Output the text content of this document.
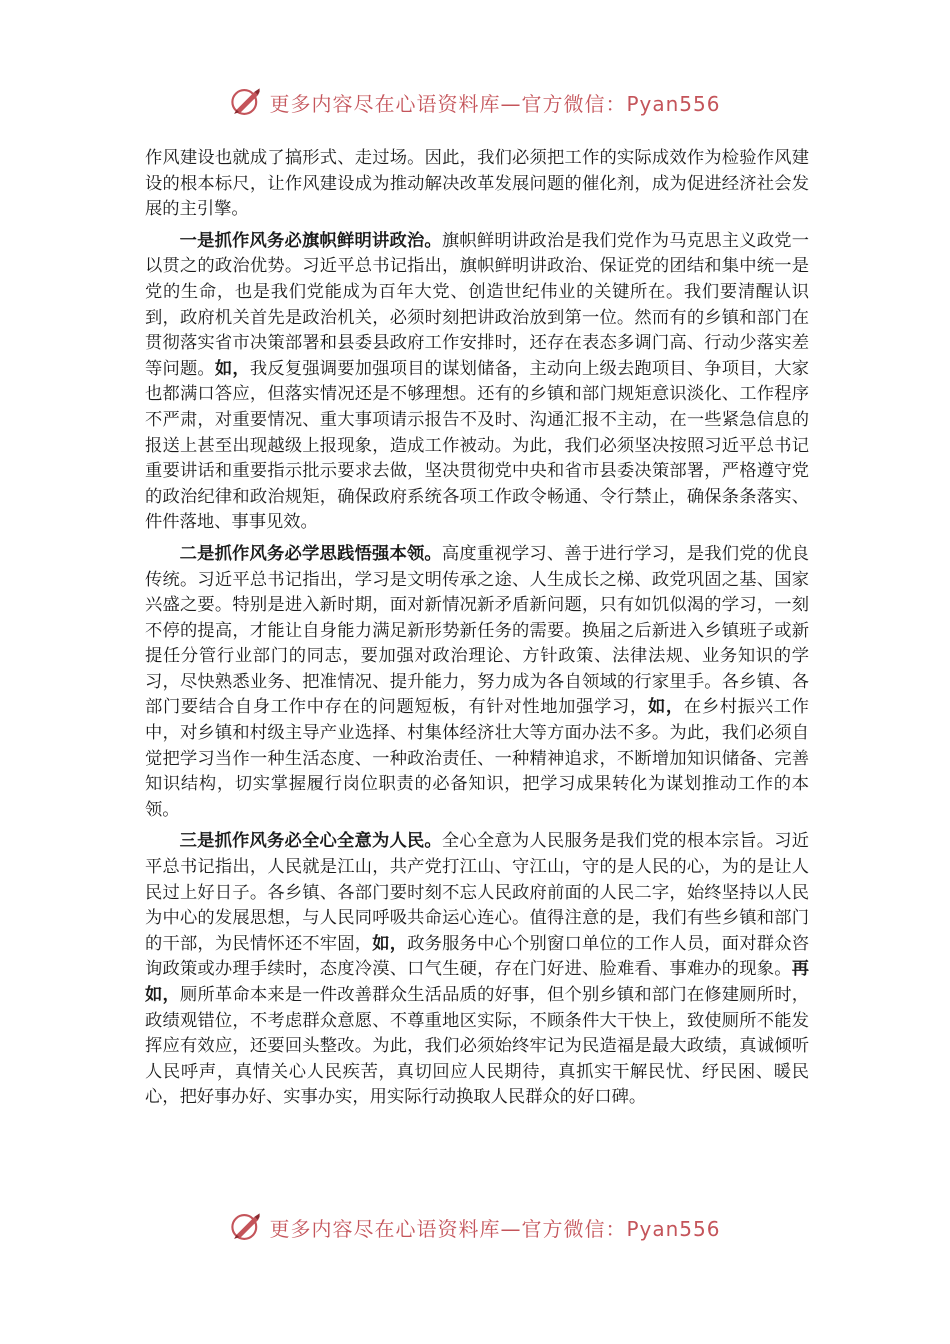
更多内容尽在心语资料库—官方微信：Pyan556

作风建设也就成了搞形式、走过场。因此，我们必须把工作的实际成效作为检验作风建设的根本标尺，让作风建设成为推动解决改革发展问题的催化剂，成为促进经济社会发展的主引擎。

一是抓作风务必旗帜鲜明讲政治。旗帜鲜明讲政治是我们党作为马克思主义政党一以贯之的政治优势。习近平总书记指出，旗帜鲜明讲政治、保证党的团结和集中统一是党的生命，也是我们党能成为百年大党、创造世纪伟业的关键所在。我们要清醒认识到，政府机关首先是政治机关，必须时刻把讲政治放到第一位。然而有的乡镇和部门在贯彻落实省市决策部署和县委县政府工作安排时，还存在表态多调门高、行动少落实差等问题。如，我反复强调要加强项目的谋划储备，主动向上级去跑项目、争项目，大家也都满口答应，但落实情况还是不够理想。还有的乡镇和部门规矩意识淡化、工作程序不严肃，对重要情况、重大事项请示报告不及时、沟通汇报不主动，在一些紧急信息的报送上甚至出现越级上报现象，造成工作被动。为此，我们必须坚决按照习近平总书记重要讲话和重要指示批示要求去做，坚决贯彻党中央和省市县委决策部署，严格遵守党的政治纪律和政治规矩，确保政府系统各项工作政令畅通、令行禁止，确保条条落实、件件落地、事事见效。

二是抓作风务必学思践悟强本领。高度重视学习、善于进行学习，是我们党的优良传统。习近平总书记指出，学习是文明传承之途、人生成长之梯、政党巩固之基、国家兴盛之要。特别是进入新时期，面对新情况新矛盾新问题，只有如饥似渴的学习，一刻不停的提高，才能让自身能力满足新形势新任务的需要。换届之后新进入乡镇班子或新提任分管行业部门的同志，要加强对政治理论、方针政策、法律法规、业务知识的学习，尽快熟悉业务、把准情况、提升能力，努力成为各自领域的行家里手。各乡镇、各部门要结合自身工作中存在的问题短板，有针对性地加强学习，如，在乡村振兴工作中，对乡镇和村级主导产业选择、村集体经济壮大等方面办法不多。为此，我们必须自觉把学习当作一种生活态度、一种政治责任、一种精神追求，不断增加知识储备、完善知识结构，切实掌握履行岗位职责的必备知识，把学习成果转化为谋划推动工作的本领。

三是抓作风务必全心全意为人民。全心全意为人民服务是我们党的根本宗旨。习近平总书记指出，人民就是江山，共产党打江山、守江山，守的是人民的心，为的是让人民过上好日子。各乡镇、各部门要时刻不忘人民政府前面的人民二字，始终坚持以人民为中心的发展思想，与人民同呼吸共命运心连心。值得注意的是，我们有些乡镇和部门的干部，为民情怀还不牢固，如，政务服务中心个别窗口单位的工作人员，面对群众咨询政策或办理手续时，态度冷漠、口气生硬，存在门好进、脸难看、事难办的现象。再如，厕所革命本来是一件改善群众生活品质的好事，但个别乡镇和部门在修建厕所时，政绩观错位，不考虑群众意愿、不尊重地区实际，不顾条件大干快上，致使厕所不能发挥应有效应，还要回头整改。为此，我们必须始终牢记为民造福是最大政绩，真诚倾听人民呼声，真情关心人民疾苦，真切回应人民期待，真抓实干解民忧、纾民困、暖民心，把好事办好、实事办实，用实际行动换取人民群众的好口碑。

更多内容尽在心语资料库—官方微信：Pyan556
